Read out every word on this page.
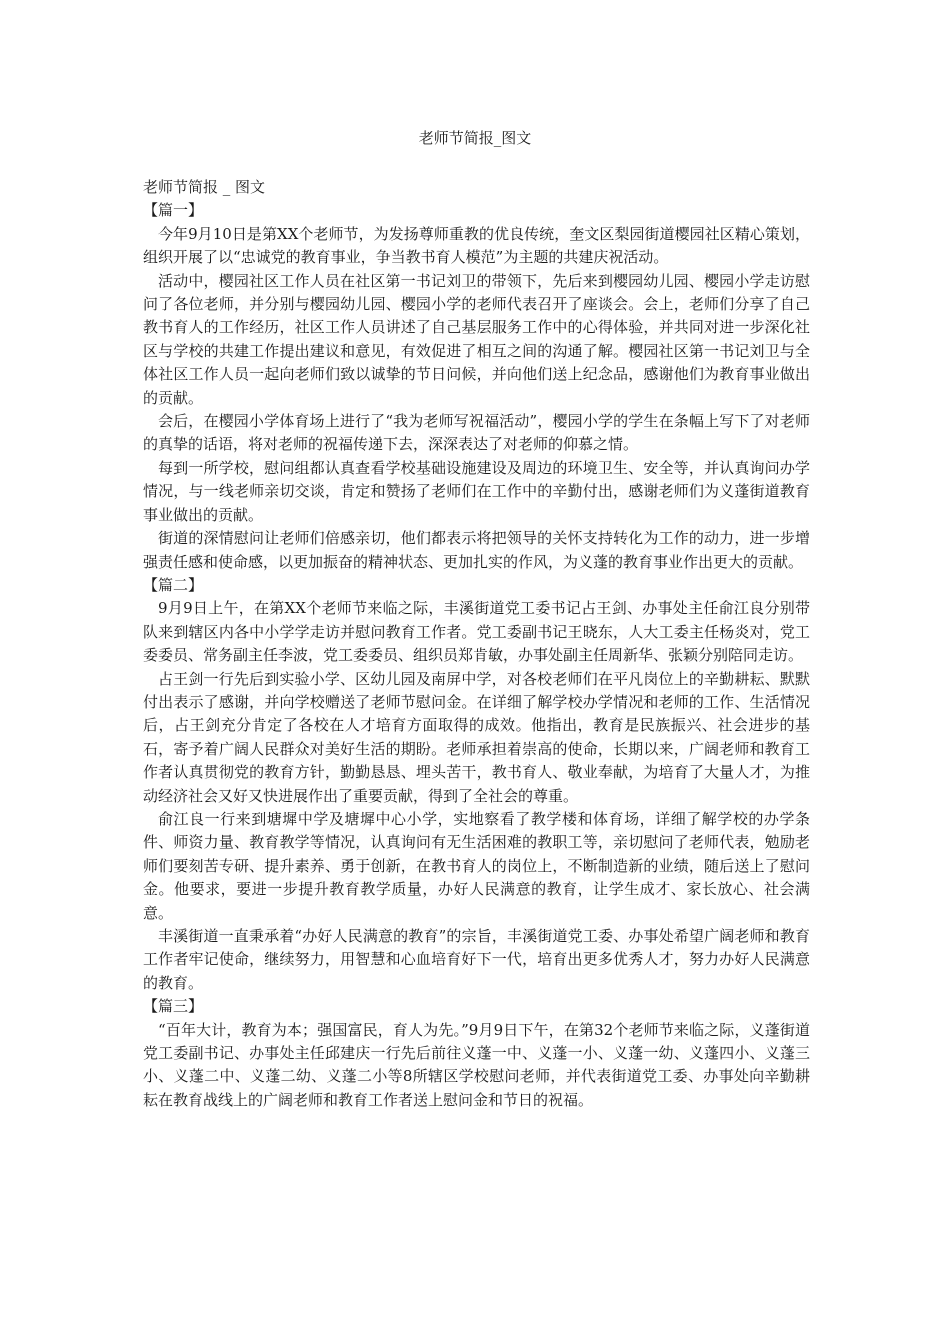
老师节简报_图文

老师节简报 _ 图文

【篇一】

今年9月10日是第XX个老师节，为发扬尊师重教的优良传统，奎文区梨园街道樱园社区精心策划，组织开展了以“忠诚党的教育事业，争当教书育人模范”为主题的共建庆祝活动。

活动中，樱园社区工作人员在社区第一书记刘卫的带领下，先后来到樱园幼儿园、樱园小学走访慰问了各位老师，并分别与樱园幼儿园、樱园小学的老师代表召开了座谈会。会上，老师们分享了自己教书育人的工作经历，社区工作人员讲述了自己基层服务工作中的心得体验，并共同对进一步深化社区与学校的共建工作提出建议和意见，有效促进了相互之间的沟通了解。樱园社区第一书记刘卫与全体社区工作人员一起向老师们致以诚挚的节日问候，并向他们送上纪念品，感谢他们为教育事业做出的贡献。

会后，在樱园小学体育场上进行了“我为老师写祝福活动”，樱园小学的学生在条幅上写下了对老师的真挚的话语，将对老师的祝福传递下去，深深表达了对老师的仰慕之情。

每到一所学校，慰问组都认真查看学校基础设施建设及周边的环境卫生、安全等，并认真询问办学情况，与一线老师亲切交谈，肯定和赞扬了老师们在工作中的辛勤付出，感谢老师们为义蓬街道教育事业做出的贡献。

街道的深情慰问让老师们倍感亲切，他们都表示将把领导的关怀支持转化为工作的动力，进一步增强责任感和使命感，以更加振奋的精神状态、更加扎实的作风，为义蓬的教育事业作出更大的贡献。

【篇二】

9月9日上午，在第XX个老师节来临之际，丰溪街道党工委书记占王剑、办事处主任俞江良分别带队来到辖区内各中小学学走访并慰问教育工作者。党工委副书记王晓东，人大工委主任杨炎对，党工委委员、常务副主任李波，党工委委员、组织员郑肯敏，办事处副主任周新华、张颖分别陪同走访。

占王剑一行先后到实验小学、区幼儿园及南屏中学，对各校老师们在平凡岗位上的辛勤耕耘、默默付出表示了感谢，并向学校赠送了老师节慰问金。在详细了解学校办学情况和老师的工作、生活情况后，占王剑充分肯定了各校在人才培育方面取得的成效。他指出，教育是民族振兴、社会进步的基石，寄予着广阔人民群众对美好生活的期盼。老师承担着崇高的使命，长期以来，广阔老师和教育工作者认真贯彻党的教育方针，勤勤恳恳、埋头苦干，教书育人、敬业奉献，为培育了大量人才，为推动经济社会又好又快进展作出了重要贡献，得到了全社会的尊重。

俞江良一行来到塘墀中学及塘墀中心小学，实地察看了教学楼和体育场，详细了解学校的办学条件、师资力量、教育教学等情况，认真询问有无生活困难的教职工等，亲切慰问了老师代表，勉励老师们要刻苦专研、提升素养、勇于创新，在教书育人的岗位上，不断制造新的业绩，随后送上了慰问金。他要求，要进一步提升教育教学质量，办好人民满意的教育，让学生成才、家长放心、社会满意。

丰溪街道一直秉承着“办好人民满意的教育”的宗旨，丰溪街道党工委、办事处希望广阔老师和教育工作者牢记使命，继续努力，用智慧和心血培育好下一代，培育出更多优秀人才，努力办好人民满意的教育。

【篇三】

“百年大计，教育为本；强国富民，育人为先。”9月9日下午，在第32个老师节来临之际，义蓬街道党工委副书记、办事处主任邱建庆一行先后前往义蓬一中、义蓬一小、义蓬一幼、义蓬四小、义蓬三小、义蓬二中、义蓬二幼、义蓬二小等8所辖区学校慰问老师，并代表街道党工委、办事处向辛勤耕耘在教育战线上的广阔老师和教育工作者送上慰问金和节日的祝福。
